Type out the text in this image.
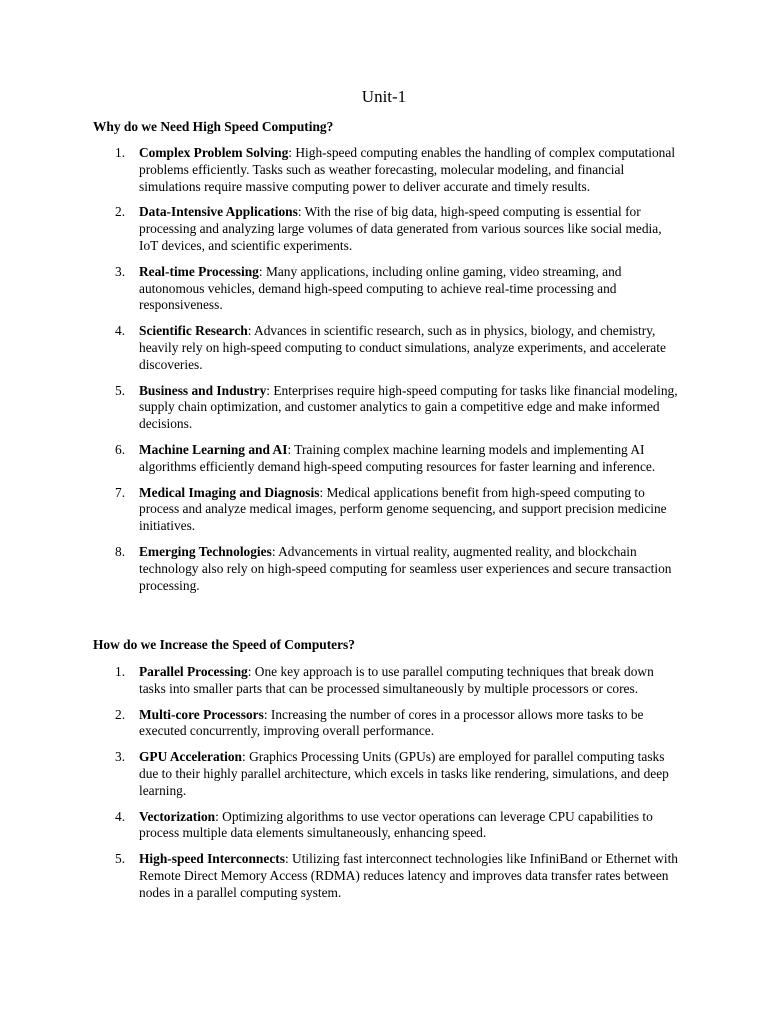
Unit-1
Why do we Need High Speed Computing?
1. Complex Problem Solving: High-speed computing enables the handling of complex computational problems efficiently. Tasks such as weather forecasting, molecular modeling, and financial simulations require massive computing power to deliver accurate and timely results.
2. Data-Intensive Applications: With the rise of big data, high-speed computing is essential for processing and analyzing large volumes of data generated from various sources like social media, IoT devices, and scientific experiments.
3. Real-time Processing: Many applications, including online gaming, video streaming, and autonomous vehicles, demand high-speed computing to achieve real-time processing and responsiveness.
4. Scientific Research: Advances in scientific research, such as in physics, biology, and chemistry, heavily rely on high-speed computing to conduct simulations, analyze experiments, and accelerate discoveries.
5. Business and Industry: Enterprises require high-speed computing for tasks like financial modeling, supply chain optimization, and customer analytics to gain a competitive edge and make informed decisions.
6. Machine Learning and AI: Training complex machine learning models and implementing AI algorithms efficiently demand high-speed computing resources for faster learning and inference.
7. Medical Imaging and Diagnosis: Medical applications benefit from high-speed computing to process and analyze medical images, perform genome sequencing, and support precision medicine initiatives.
8. Emerging Technologies: Advancements in virtual reality, augmented reality, and blockchain technology also rely on high-speed computing for seamless user experiences and secure transaction processing.
How do we Increase the Speed of Computers?
1. Parallel Processing: One key approach is to use parallel computing techniques that break down tasks into smaller parts that can be processed simultaneously by multiple processors or cores.
2. Multi-core Processors: Increasing the number of cores in a processor allows more tasks to be executed concurrently, improving overall performance.
3. GPU Acceleration: Graphics Processing Units (GPUs) are employed for parallel computing tasks due to their highly parallel architecture, which excels in tasks like rendering, simulations, and deep learning.
4. Vectorization: Optimizing algorithms to use vector operations can leverage CPU capabilities to process multiple data elements simultaneously, enhancing speed.
5. High-speed Interconnects: Utilizing fast interconnect technologies like InfiniBand or Ethernet with Remote Direct Memory Access (RDMA) reduces latency and improves data transfer rates between nodes in a parallel computing system.
